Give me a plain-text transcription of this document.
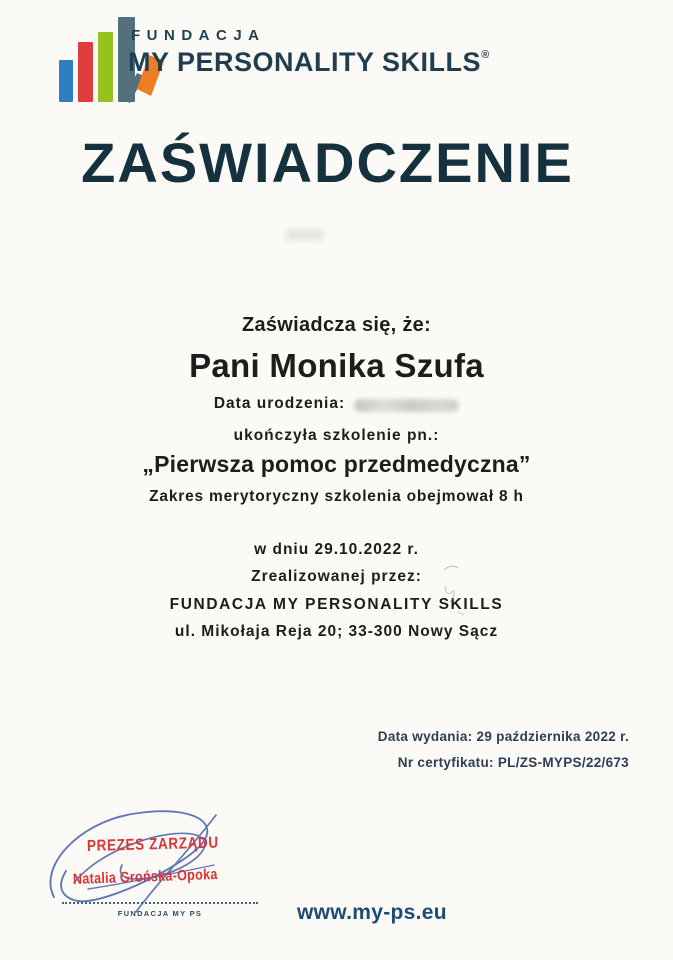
FUNDACJA
MY PERSONALITY SKILLS®
ZAŚWIADCZENIE
Zaświadcza się, że:
Pani Monika Szufa
Data urodzenia:
ukończyła szkolenie pn.:
„Pierwsza pomoc przedmedyczna”
Zakres merytoryczny szkolenia obejmował 8 h
w dniu 29.10.2022 r.
Zrealizowanej przez:
FUNDACJA MY PERSONALITY SKILLS
ul. Mikołaja Reja 20; 33-300 Nowy Sącz
Data wydania: 29 października 2022 r.
Nr certyfikatu: PL/ZS-MYPS/22/673
PREZES ZARZĄDU
Natalia Grońska-Opoka
FUNDACJA MY PS	www.my-ps.eu
